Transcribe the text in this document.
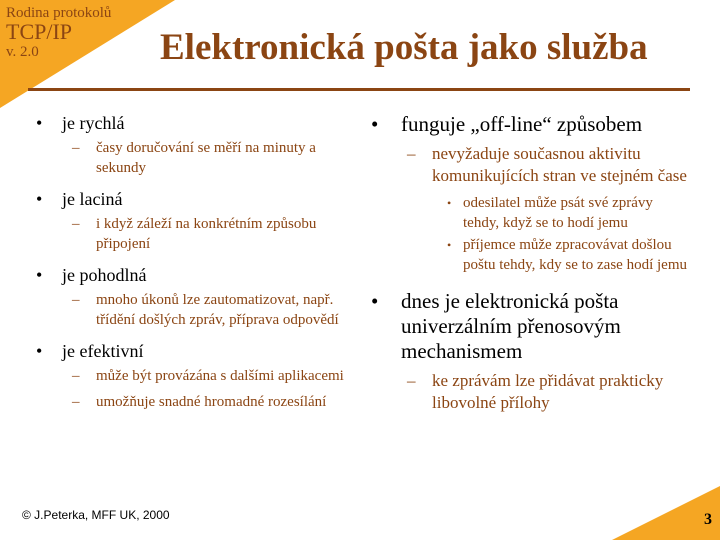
Rodina protokolů
TCP/IP
v. 2.0	Elektronická pošta jako služba
• je rychlá
– časy doručování se měří na minuty a sekundy
• je laciná
– i když záleží na konkrétním způsobu připojení
• je pohodlná
– mnoho úkonů lze zautomatizovat, např. třídění došlých zpráv, příprava odpovědí
• je efektivní
– může být provázána s dalšími aplikacemi
– umožňuje snadné hromadné rozesílání
• funguje „off-line“ způsobem
– nevyžaduje současnou aktivitu komunikujících stran ve stejném čase
• odesilatel může psát své zprávy tehdy, když se to hodí jemu
• příjemce může zpracovávat došlou poštu tehdy, kdy se to zase hodí jemu
• dnes je elektronická pošta univerzálním přenosovým mechanismem
– ke zprávám lze přidávat prakticky libovolné přílohy
© J.Peterka, MFF UK, 2000	3
